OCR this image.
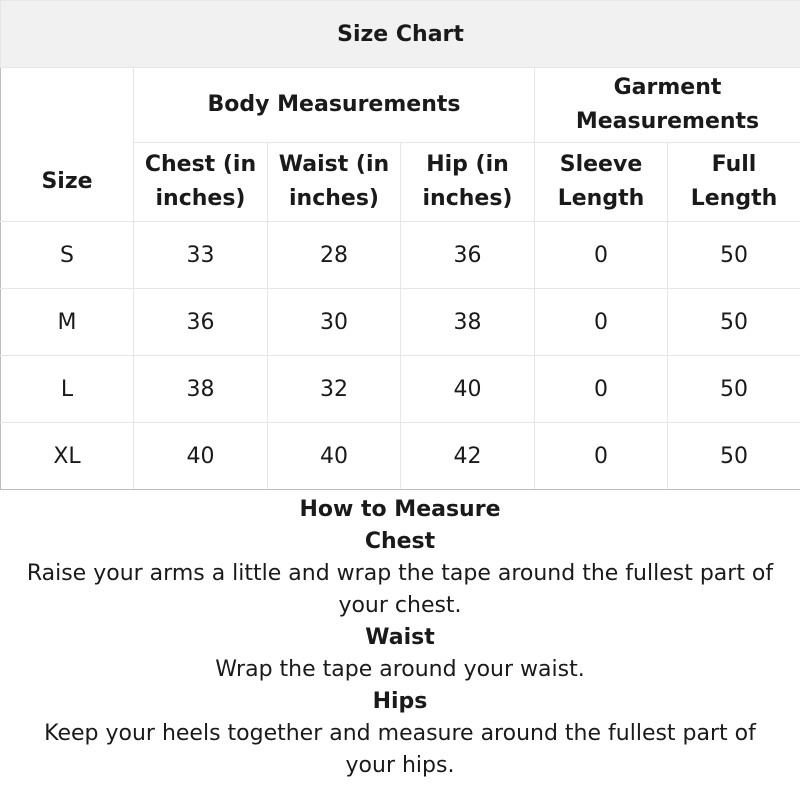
Size Chart					
	Body Measurements			Garment Measurements	
Size	Chest (in inches)	Waist (in inches)	Hip (in inches)	Sleeve Length	Full Length
S	33	28	36	0	50
M	36	30	38	0	50
L	38	32	40	0	50
XL	40	40	42	0	50

How to Measure

Chest

Raise your arms a little and wrap the tape around the fullest part of your chest.

Waist

Wrap the tape around your waist.

Hips

Keep your heels together and measure around the fullest part of your hips.
